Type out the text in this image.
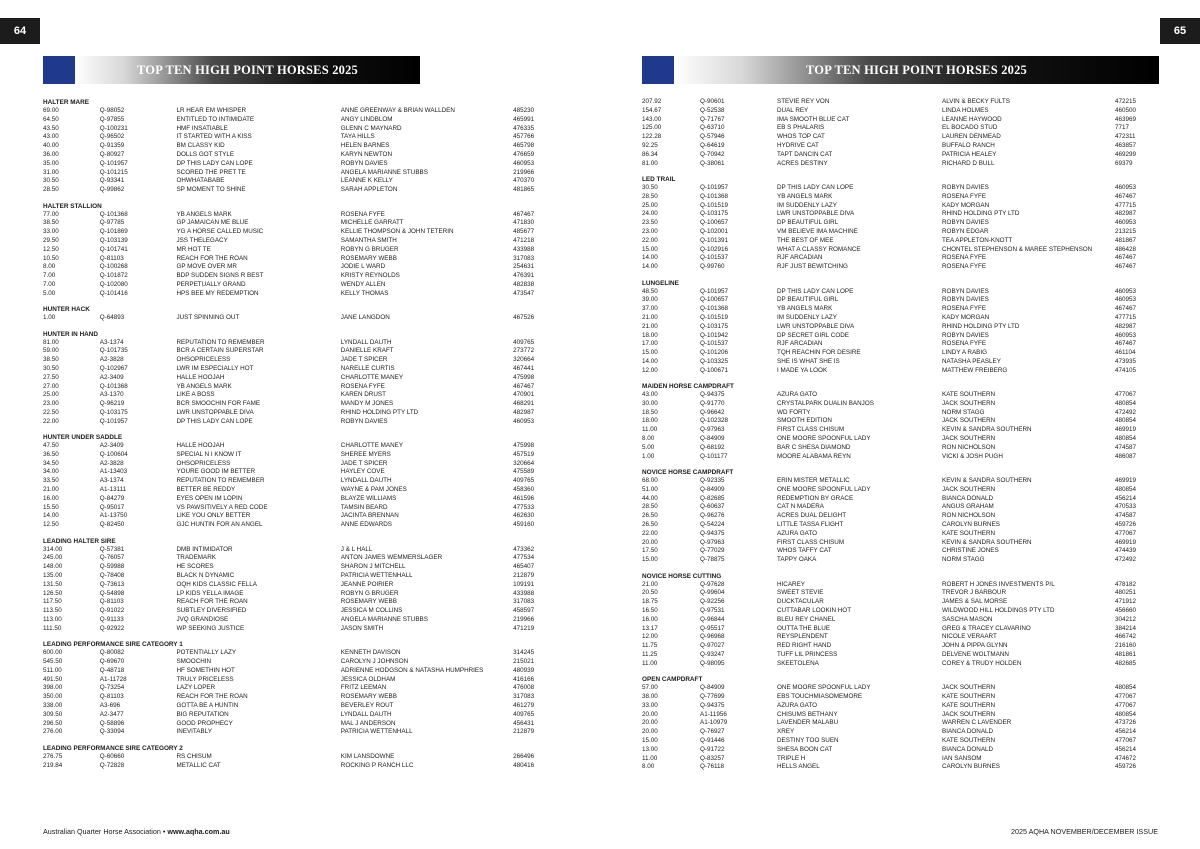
64	65
TOP TEN HIGH POINT HORSES 2025	TOP TEN HIGH POINT HORSES 2025
HALTER MARE
69.00	Q-98052	LR HEAR EM WHISPER	ANNE GREENWAY & BRIAN WALLDEN	485230
64.50	Q-97855	ENTITLED TO INTIMIDATE	ANGY LINDBLOM	465991
43.50	Q-100231	HMF INSATIABLE	GLENN C MAYNARD	476335
43.00	Q-96502	IT STARTED WITH A KISS	TAYA HILLS	457766
40.00	Q-91359	BM CLASSY KID	HELEN BARNES	465798
36.00	Q-80927	DOLLS GOT STYLE	KARYN NEWTON	476659
35.00	Q-101957	DP THIS LADY CAN LOPE	ROBYN DAVIES	460953
31.00	Q-101215	SCORED THE PRET TE	ANGELA MARIANNE STUBBS	219966
30.50	Q-93341	OHWHATABABE	LEANNE K KELLY	470370
28.50	Q-99862	SP MOMENT TO SHINE	SARAH APPLETON	481865
HALTER STALLION
77.00	Q-101368	YB ANGELS MARK	ROSENA FYFE	467467
38.50	Q-97785	GP JAMAICAN ME BLUE	MICHELLE GARRATT	471830
33.00	Q-101869	YG A HORSE CALLED MUSIC	KELLIE THOMPSON & JOHN TETERIN	485677
29.50	Q-103139	JSS THELEGACY	SAMANTHA SMITH	471218
12.50	Q-101741	MR HOT TE	ROBYN G BRUGER	433988
10.50	Q-81103	REACH FOR THE ROAN	ROSEMARY WEBB	317083
8.00	Q-100268	GP MOVE OVER MR	JODIE L WARD	254631
7.00	Q-101872	BDP SUDDEN SIGNS R BEST	KRISTY REYNOLDS	476391
7.00	Q-102080	PERPETUALLY GRAND	WENDY ALLEN	482838
5.00	Q-101416	HPS BEE MY REDEMPTION	KELLY THOMAS	473547
HUNTER HACK
1.00	Q-64893	JUST SPINNING OUT	JANE LANGDON	467526
HUNTER IN HAND
81.00	A3-1374	REPUTATION TO REMEMBER	LYNDALL DAUTH	409765
59.00	Q-101735	BCR A CERTAIN SUPERSTAR	DANIELLE KRAFT	273772
38.50	A2-3828	OHSOPRICELESS	JADE T SPICER	320664
30.50	Q-102967	LWR IM ESPECIALLY HOT	NARELLE CURTIS	467441
27.50	A2-3409	HALLE HOOJAH	CHARLOTTE MANEY	475998
27.00	Q-101368	YB ANGELS MARK	ROSENA FYFE	467467
25.00	A3-1370	LIKE A BOSS	KAREN DRUST	470901
23.00	Q-96219	BCR SMOOCHIN FOR FAME	MANDY M JONES	468291
22.50	Q-103175	LWR UNSTOPPABLE DIVA	RHIND HOLDING PTY LTD	482987
22.00	Q-101957	DP THIS LADY CAN LOPE	ROBYN DAVIES	460953
HUNTER UNDER SADDLE
47.50	A2-3409	HALLE HOOJAH	CHARLOTTE MANEY	475998
36.50	Q-100604	SPECIAL N I KNOW IT	SHEREE MYERS	457519
34.50	A2-3828	OHSOPRICELESS	JADE T SPICER	320664
34.00	A1-13403	YOURE GOOD IM BETTER	HAYLEY COVE	475589
33.50	A3-1374	REPUTATION TO REMEMBER	LYNDALL DAUTH	409765
21.00	A1-13111	BETTER BE REDDY	WAYNE & PAM JONES	458360
16.00	Q-84279	EYES OPEN IM LOPIN	BLAYZE WILLIAMS	461596
15.50	Q-95017	VS PAWSITIVELY A RED CODE	TAMSIN BEARD	477533
14.00	A1-13750	LIKE YOU ONLY BETTER	JACINTA BRENNAN	462630
12.50	Q-82450	GJC HUNTIN FOR AN ANGEL	ANNE EDWARDS	459160
LEADING HALTER SIRE
314.00	Q-57381	DMB INTIMIDATOR	J & L HALL	473362
245.00	Q-76057	TRADEMARK	ANTON JAMES WEMMERSLAGER	477534
148.00	Q-59988	HE SCORES	SHARON J MITCHELL	465407
135.00	Q-78408	BLACK N DYNAMIC	PATRICIA WETTENHALL	212879
131.50	Q-73613	OQH KIDS CLASSIC FELLA	JEANNE POIRIER	109191
126.50	Q-54898	LP KIDS YELLA IMAGE	ROBYN G BRUGER	433988
117.50	Q-81103	REACH FOR THE ROAN	ROSEMARY WEBB	317083
113.50	Q-91022	SUBTLEY DIVERSIFIED	JESSICA M COLLINS	458597
113.00	Q-91133	JVQ GRANDIOSE	ANGELA MARIANNE STUBBS	219966
111.50	Q-92922	WP SEEKING JUSTICE	JASON SMITH	471219
LEADING PERFORMANCE SIRE CATEGORY 1
600.00	Q-80082	POTENTIALLY LAZY	KENNETH DAVISON	314245
545.50	Q-69670	SMOOCHIN	CAROLYN J JOHNSON	215021
511.00	Q-48718	HF SOMETHIN HOT	ADRIENNE HODGSON & NATASHA HUMPHRIES	480939
491.50	A1-11728	TRULY PRICELESS	JESSICA OLDHAM	416166
398.00	Q-73254	LAZY LOPER	FRITZ LEEMAN	476008
350.00	Q-81103	REACH FOR THE ROAN	ROSEMARY WEBB	317083
338.00	A3-696	GOTTA BE A HUNTIN	BEVERLEY ROUT	461279
309.50	A2-3477	BIG REPUTATION	LYNDALL DAUTH	409765
296.50	Q-58896	GOOD PROPHECY	MAL J ANDERSON	456431
276.00	Q-33094	INEVITABLY	PATRICIA WETTENHALL	212879
LEADING PERFORMANCE SIRE CATEGORY 2
276.75	Q-60660	RS CHISUM	KIM LANSDOWNE	266496
219.84	Q-72828	METALLIC CAT	ROCKING P RANCH LLC	480416
207.92	Q-90601	STEVIE REY VON	ALVIN & BECKY FULTS	472215
154.67	Q-52538	DUAL REY	LINDA HOLMES	460500
143.00	Q-71767	IMA SMOOTH BLUE CAT	LEANNE HAYWOOD	463969
125.00	Q-63710	EB S PHALARIS	EL BOCADO STUD	7717
122.28	Q-57946	WHOS TOP CAT	LAUREN DENMEAD	472311
92.25	Q-64619	HYDRIVE CAT	BUFFALO RANCH	463857
86.34	Q-70942	TAPT DANCIN CAT	PATRICIA HEALEY	469299
81.00	Q-38061	ACRES DESTINY	RICHARD D BULL	69379
LED TRAIL
30.50	Q-101957	DP THIS LADY CAN LOPE	ROBYN DAVIES	460953
28.50	Q-101368	YB ANGELS MARK	ROSENA FYFE	467467
25.00	Q-101519	IM SUDDENLY LAZY	KADY MORGAN	477715
24.00	Q-103175	LWR UNSTOPPABLE DIVA	RHIND HOLDING PTY LTD	482987
23.50	Q-100657	DP BEAUTIFUL GIRL	ROBYN DAVIES	460953
23.00	Q-102001	VM BELIEVE IMA MACHINE	ROBYN EDGAR	213215
22.00	Q-101391	THE BEST OF MEE	TEA APPLETON-KNOTT	481867
15.00	Q-102916	WHAT A CLASSY ROMANCE	CHONTEL STEPHENSON & MAREE STEPHENSON	486428
14.00	Q-101537	RJF ARCADIAN	ROSENA FYFE	467467
14.00	Q-99760	RJF JUST BEWITCHING	ROSENA FYFE	467467
LUNGELINE
48.50	Q-101957	DP THIS LADY CAN LOPE	ROBYN DAVIES	460953
39.00	Q-100657	DP BEAUTIFUL GIRL	ROBYN DAVIES	460953
37.00	Q-101368	YB ANGELS MARK	ROSENA FYFE	467467
21.00	Q-101519	IM SUDDENLY LAZY	KADY MORGAN	477715
21.00	Q-103175	LWR UNSTOPPABLE DIVA	RHIND HOLDING PTY LTD	482987
18.00	Q-101942	DP SECRET GIRL CODE	ROBYN DAVIES	460953
17.00	Q-101537	RJF ARCADIAN	ROSENA FYFE	467467
15.00	Q-101206	TQH REACHIN FOR DESIRE	LINDY A RABIG	461104
14.00	Q-103325	SHE IS WHAT SHE IS	NATASHA PEASLEY	473935
12.00	Q-100671	I MADE YA LOOK	MATTHEW FREIBERG	474105
MAIDEN HORSE CAMPDRAFT
43.00	Q-94375	AZURA GATO	KATE SOUTHERN	477067
30.00	Q-91770	CRYSTALPARK DUALIN BANJOS	JACK SOUTHERN	480854
18.50	Q-96642	WD FORTY	NORM STAGG	472492
18.00	Q-102328	SMOOTH EDITION	JACK SOUTHERN	480854
11.00	Q-97963	FIRST CLASS CHISUM	KEVIN & SANDRA SOUTHERN	469919
8.00	Q-84909	ONE MOORE SPOONFUL LADY	JACK SOUTHERN	480854
5.00	Q-68192	BAR C SHESA DIAMOND	RON NICHOLSON	474587
1.00	Q-101177	MOORE ALABAMA REYN	VICKI & JOSH PUGH	486087
NOVICE HORSE CAMPDRAFT
68.00	Q-92335	ERIN MISTER METALLIC	KEVIN & SANDRA SOUTHERN	469919
51.00	Q-84909	ONE MOORE SPOONFUL LADY	JACK SOUTHERN	480854
44.00	Q-82685	REDEMPTION BY GRACE	BIANCA DONALD	456214
28.50	Q-60637	CAT N MADERA	ANGUS GRAHAM	470533
26.50	Q-96276	ACRES DUAL DELIGHT	RON NICHOLSON	474587
26.50	Q-54224	LITTLE TASSA FLIGHT	CAROLYN BURNES	459726
22.00	Q-94375	AZURA GATO	KATE SOUTHERN	477067
20.00	Q-97963	FIRST CLASS CHISUM	KEVIN & SANDRA SOUTHERN	469919
17.50	Q-77029	WHOS TAFFY CAT	CHRISTINE JONES	474439
15.00	Q-78875	TAPPY OAKA	NORM STAGG	472492
NOVICE HORSE CUTTING
21.00	Q-97628	HICAREY	ROBERT H JONES INVESTMENTS P/L	478182
20.50	Q-99604	SWEET STEVIE	TREVOR J BARBOUR	480251
18.75	Q-92256	DUCKTACULAR	JAMES & SAL MORSE	471912
16.50	Q-97531	CUTTABAR LOOKIN HOT	WILDWOOD HILL HOLDINGS PTY LTD	456660
16.00	Q-96844	BLEU REY CHANEL	SASCHA MASON	304212
13.17	Q-95517	OUTTA THE BLUE	GREG & TRACEY CLAVARINO	384214
12.00	Q-96968	REYSPLENDENT	NICOLE VERAART	466742
11.75	Q-97027	RED RIGHT HAND	JOHN & PIPPA GLYNN	216160
11.25	Q-93247	TUFF LIL PRINCESS	DELVENE WOLTMANN	481861
11.00	Q-98095	SKEETOLENA	COREY & TRUDY HOLDEN	482685
OPEN CAMPDRAFT
57.00	Q-84909	ONE MOORE SPOONFUL LADY	JACK SOUTHERN	480854
38.00	Q-77699	EBS TOUCHMIASOMEMORE	KATE SOUTHERN	477067
33.00	Q-94375	AZURA GATO	KATE SOUTHERN	477067
20.00	A1-11956	CHISUMS BETHANY	JACK SOUTHERN	480854
20.00	A1-10979	LAVENDER MALABU	WARREN C LAVENDER	473726
20.00	Q-76927	XREY	BIANCA DONALD	456214
15.00	Q-91446	DESTINY TOO SUEN	KATE SOUTHERN	477067
13.00	Q-91722	SHESA BOON CAT	BIANCA DONALD	456214
11.00	Q-83257	TRIPLE H	IAN SANSOM	474672
8.00	Q-76118	HELLS ANGEL	CAROLYN BURNES	459726
Australian Quarter Horse Association • www.aqha.com.au	2025 AQHA NOVEMBER/DECEMBER ISSUE
